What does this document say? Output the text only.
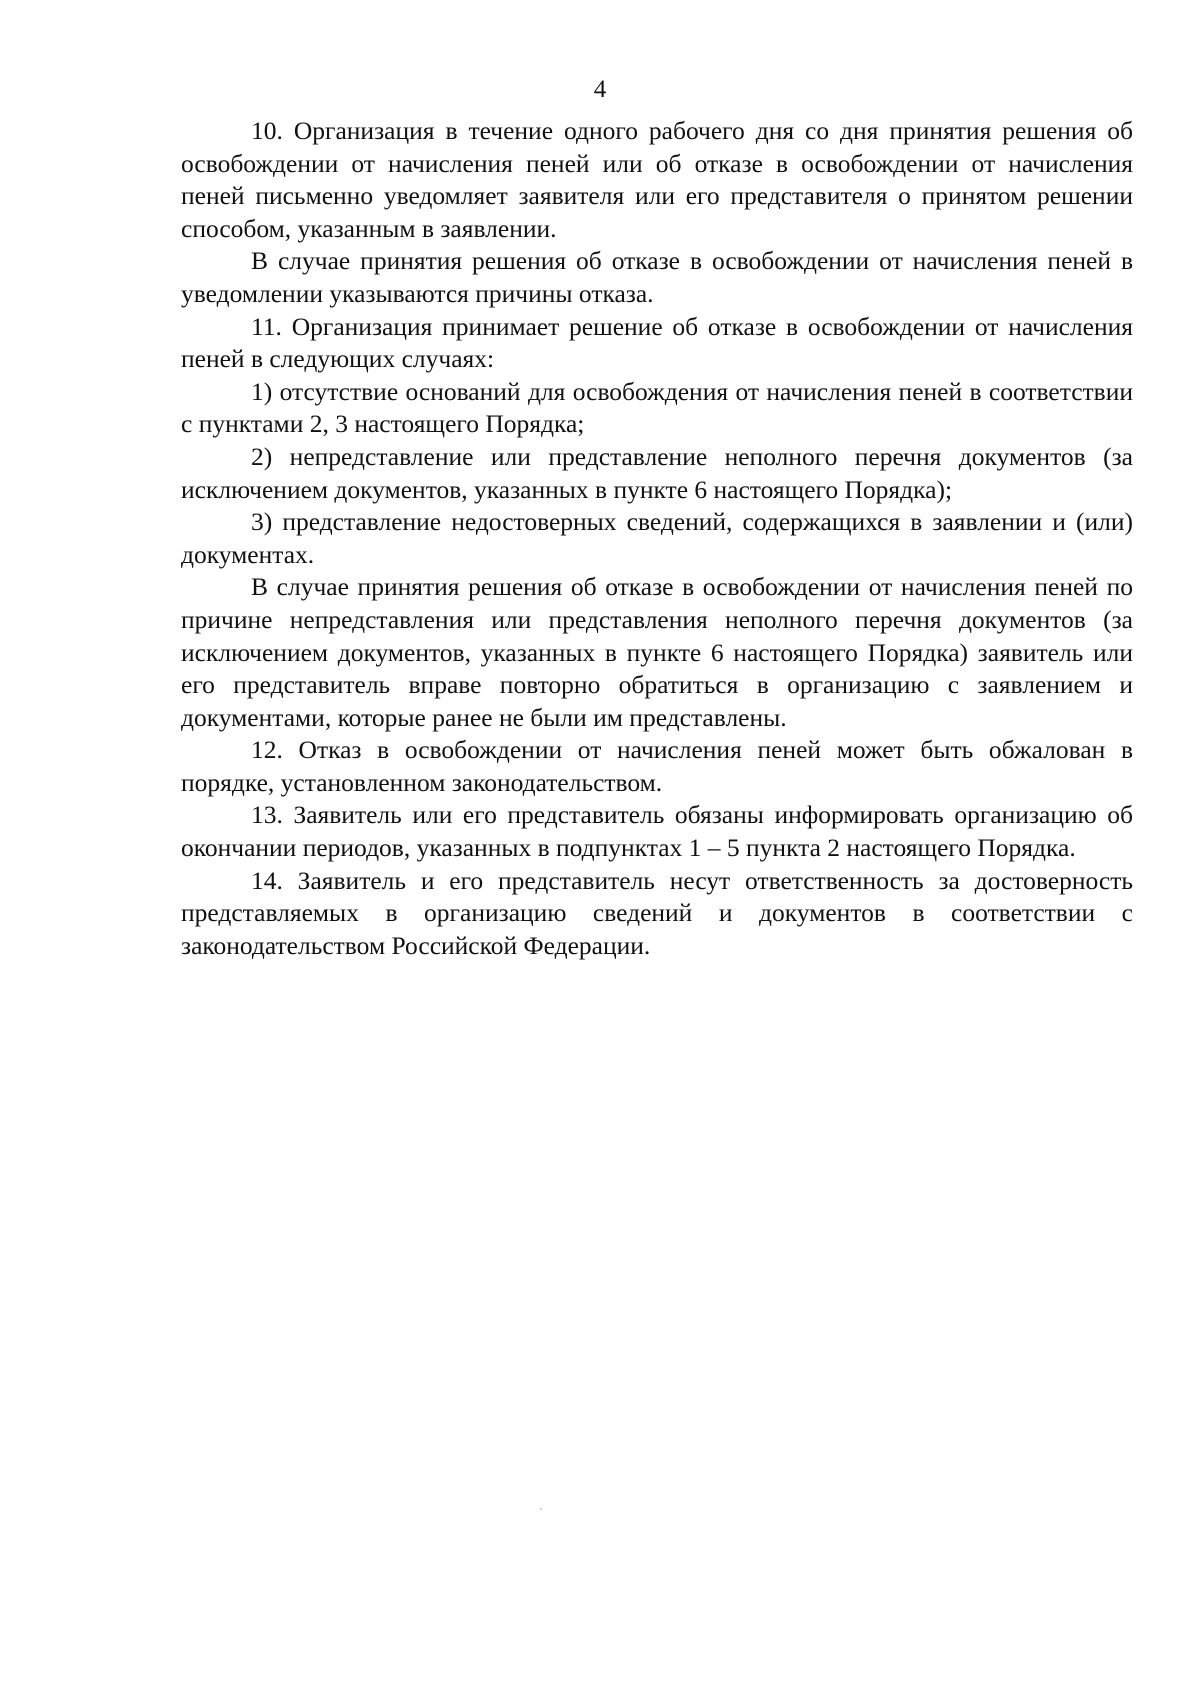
4

10. Организация в течение одного рабочего дня со дня принятия решения об освобождении от начисления пеней или об отказе в освобождении от начисления пеней письменно уведомляет заявителя или его представителя о принятом решении способом, указанным в заявлении.

В случае принятия решения об отказе в освобождении от начисления пеней в уведомлении указываются причины отказа.

11. Организация принимает решение об отказе в освобождении от начисления пеней в следующих случаях:

1) отсутствие оснований для освобождения от начисления пеней в соответствии с пунктами 2, 3 настоящего Порядка;

2) непредставление или представление неполного перечня документов (за исключением документов, указанных в пункте 6 настоящего Порядка);

3) представление недостоверных сведений, содержащихся в заявлении и (или) документах.

В случае принятия решения об отказе в освобождении от начисления пеней по причине непредставления или представления неполного перечня документов (за исключением документов, указанных в пункте 6 настоящего Порядка) заявитель или его представитель вправе повторно обратиться в организацию с заявлением и документами, которые ранее не были им представлены.

12. Отказ в освобождении от начисления пеней может быть обжалован в порядке, установленном законодательством.

13. Заявитель или его представитель обязаны информировать организацию об окончании периодов, указанных в подпунктах 1 – 5 пункта 2 настоящего Порядка.

14. Заявитель и его представитель несут ответственность за достоверность представляемых в организацию сведений и документов в соответствии с законодательством Российской Федерации.
